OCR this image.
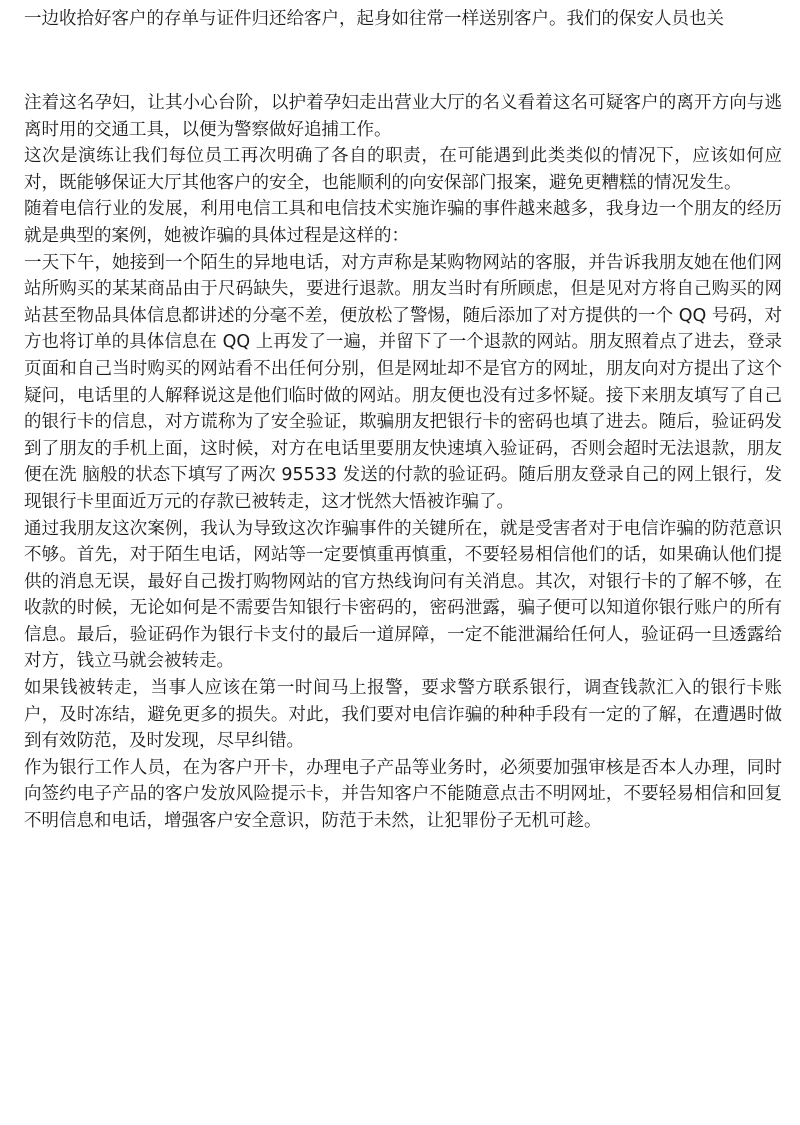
一边收拾好客户的存单与证件归还给客户，起身如往常一样送别客户。我们的保安人员也关

注着这名孕妇，让其小心台阶，以护着孕妇走出营业大厅的名义看着这名可疑客户的离开方向与逃离时用的交通工具，以便为警察做好追捕工作。

这次是演练让我们每位员工再次明确了各自的职责，在可能遇到此类类似的情况下，应该如何应对，既能够保证大厅其他客户的安全，也能顺利的向安保部门报案，避免更糟糕的情况发生。

随着电信行业的发展，利用电信工具和电信技术实施诈骗的事件越来越多，我身边一个朋友的经历就是典型的案例，她被诈骗的具体过程是这样的：

一天下午，她接到一个陌生的异地电话，对方声称是某购物网站的客服，并告诉我朋友她在他们网站所购买的某某商品由于尺码缺失，要进行退款。朋友当时有所顾虑，但是见对方将自己购买的网站甚至物品具体信息都讲述的分毫不差，便放松了警惕，随后添加了对方提供的一个 QQ 号码，对方也将订单的具体信息在 QQ 上再发了一遍，并留下了一个退款的网站。朋友照着点了进去，登录页面和自己当时购买的网站看不出任何分别，但是网址却不是官方的网址，朋友向对方提出了这个疑问，电话里的人解释说这是他们临时做的网站。朋友便也没有过多怀疑。接下来朋友填写了自己的银行卡的信息，对方谎称为了安全验证，欺骗朋友把银行卡的密码也填了进去。随后，验证码发到了朋友的手机上面，这时候，对方在电话里要朋友快速填入验证码，否则会超时无法退款，朋友便在洗 脑般的状态下填写了两次 95533 发送的付款的验证码。随后朋友登录自己的网上银行，发现银行卡里面近万元的存款已被转走，这才恍然大悟被诈骗了。

通过我朋友这次案例，我认为导致这次诈骗事件的关键所在，就是受害者对于电信诈骗的防范意识不够。首先，对于陌生电话，网站等一定要慎重再慎重，不要轻易相信他们的话，如果确认他们提供的消息无误，最好自己拨打购物网站的官方热线询问有关消息。其次，对银行卡的了解不够，在收款的时候，无论如何是不需要告知银行卡密码的，密码泄露，骗子便可以知道你银行账户的所有信息。最后，验证码作为银行卡支付的最后一道屏障，一定不能泄漏给任何人，验证码一旦透露给对方，钱立马就会被转走。

如果钱被转走，当事人应该在第一时间马上报警，要求警方联系银行，调查钱款汇入的银行卡账户，及时冻结，避免更多的损失。对此，我们要对电信诈骗的种种手段有一定的了解，在遭遇时做到有效防范，及时发现，尽早纠错。

作为银行工作人员，在为客户开卡，办理电子产品等业务时，必须要加强审核是否本人办理，同时向签约电子产品的客户发放风险提示卡，并告知客户不能随意点击不明网址，不要轻易相信和回复不明信息和电话，增强客户安全意识，防范于未然，让犯罪份子无机可趁。
